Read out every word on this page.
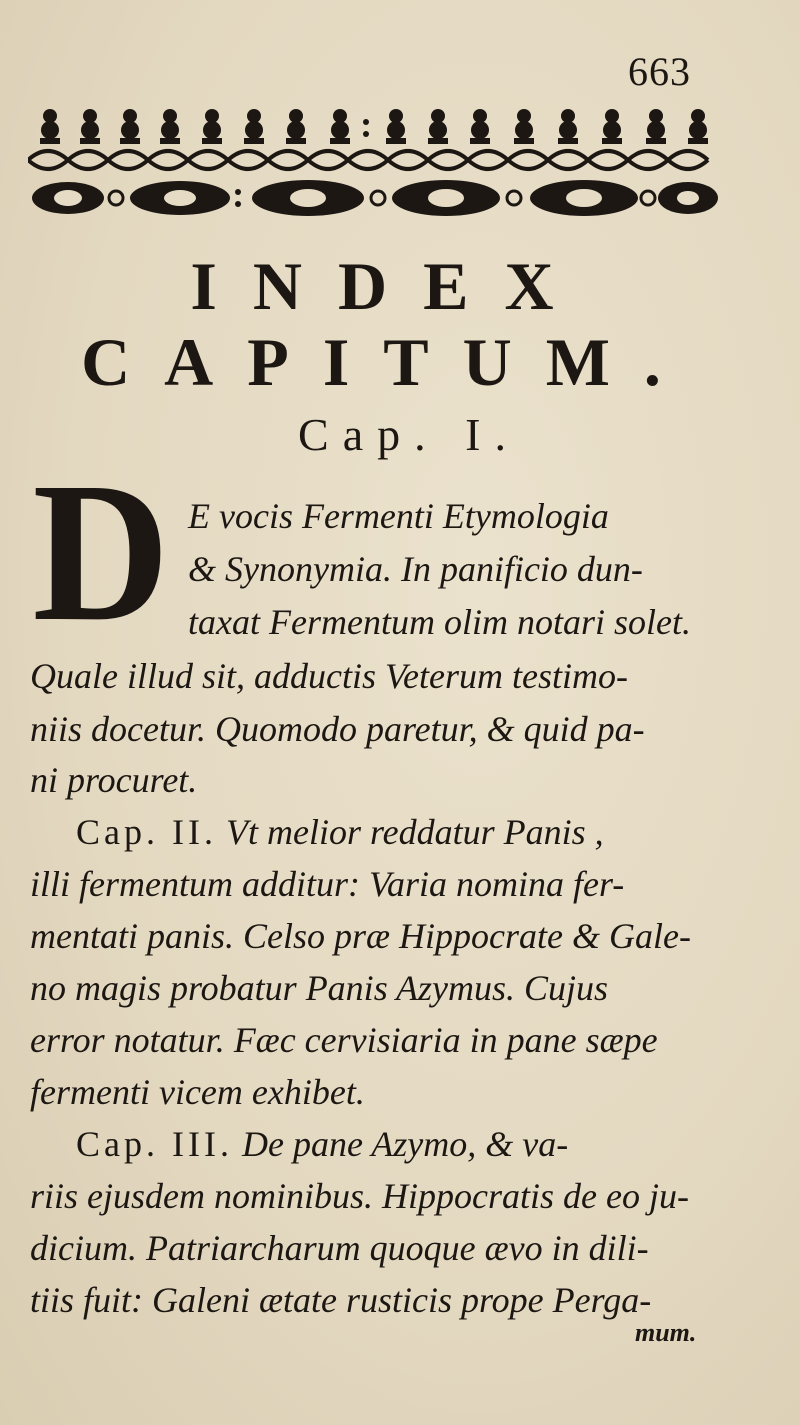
663
INDEX
CAPITUM.
Cap. I.
D E vocis Fermenti Etymologia
& Synonymia. In panificio dun-
taxat Fermentum olim notari solet.
Quale illud sit, adductis Veterum testimo-
niis docetur. Quomodo paretur, & quid pa-
ni procuret.
Cap. II. Vt melior reddatur Panis ,
illi fermentum additur: Varia nomina fer-
mentati panis. Celso præ Hippocrate & Gale-
no magis probatur Panis Azymus. Cujus
error notatur. Fæc cervisiaria in pane sæpe
fermenti vicem exhibet.
Cap. III. De pane Azymo, & va-
riis ejusdem nominibus. Hippocratis de eo ju-
dicium. Patriarcharum quoque ævo in dili-
tiis fuit: Galeni ætate rusticis prope Perga-
mum.
